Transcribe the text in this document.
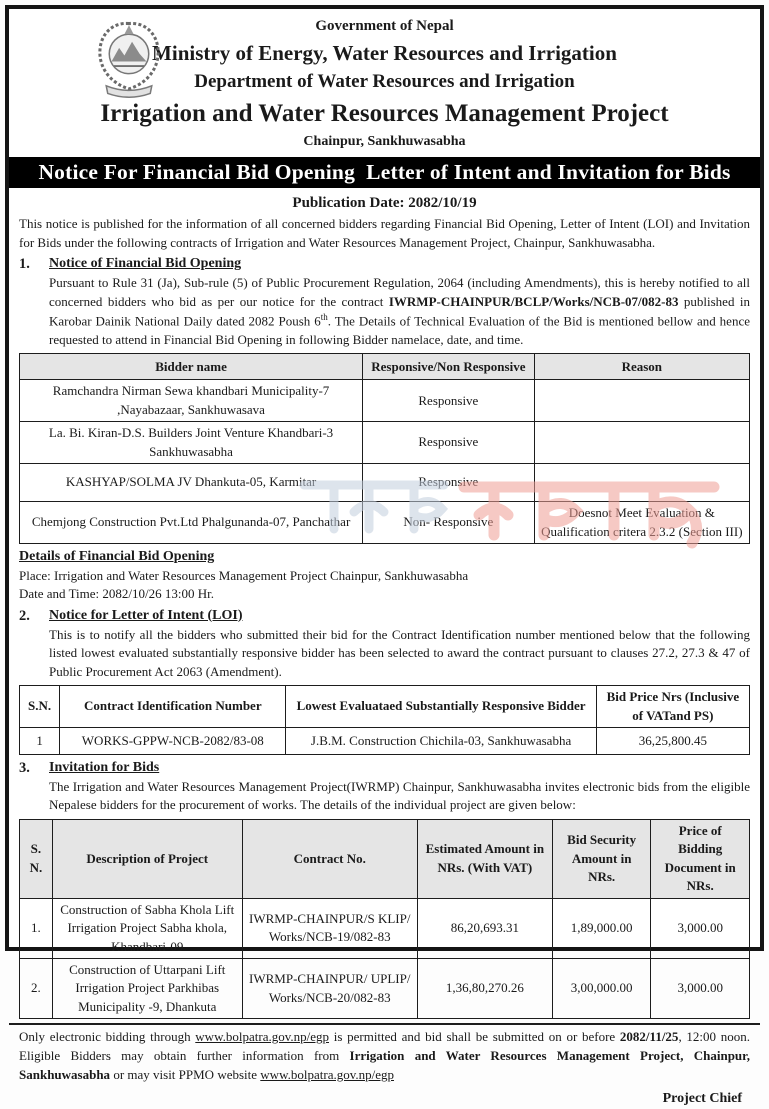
Government of Nepal
Ministry of Energy, Water Resources and Irrigation
Department of Water Resources and Irrigation
Irrigation and Water Resources Management Project
Chainpur, Sankhuwasabha
Notice For Financial Bid Opening  Letter of Intent and Invitation for Bids
Publication Date: 2082/10/19

This notice is published for the information of all concerned bidders regarding Financial Bid Opening, Letter of Intent (LOI) and Invitation for Bids under the following contracts of Irrigation and Water Resources Management Project, Chainpur, Sankhuwasabha.

1.	Notice of Financial Bid Opening

Pursuant to Rule 31 (Ja), Sub-rule (5) of Public Procurement Regulation, 2064 (including Amendments), this is hereby notified to all concerned bidders who bid as per our notice for the contract IWRMP-CHAINPUR/BCLP/Works/NCB-07/082-83 published in Karobar Dainik National Daily dated 2082 Poush 6th. The Details of Technical Evaluation of the Bid is mentioned bellow and hence requested to attend in Financial Bid Opening in following Bidder namelace, date, and time.

Bidder name	Responsive/Non Responsive	Reason
Ramchandra Nirman Sewa khandbari Municipality-7 ,Nayabazaar, Sankhuwasava	Responsive	
La. Bi. Kiran-D.S. Builders Joint Venture Khandbari-3 Sankhuwasabha	Responsive	
KASHYAP/SOLMA JV Dhankuta-05, Karmitar	Responsive	
Chemjong Construction Pvt.Ltd Phalgunanda-07, Panchathar	Non- Responsive	Doesnot Meet Evaluation & Qualification critera 2.3.2 (Section III)
Details of Financial Bid Opening
Place: Irrigation and Water Resources Management Project Chainpur, Sankhuwasabha
Date and Time: 2082/10/26 13:00 Hr.
2.	Notice for Letter of Intent (LOI)

This is to notify all the bidders who submitted their bid for the Contract Identification number mentioned below that the following listed lowest evaluated substantially responsive bidder has been selected to award the contract pursuant to clauses 27.2, 27.3 & 47 of Public Procurement Act 2063 (Amendment).

S.N.	Contract Identification Number	Lowest Evaluataed Substantially Responsive Bidder	Bid Price Nrs (Inclusive of VATand PS)
1	WORKS-GPPW-NCB-2082/83-08	J.B.M. Construction Chichila-03, Sankhuwasabha	36,25,800.45
3.	Invitation for Bids

The Irrigation and Water Resources Management Project(IWRMP) Chainpur, Sankhuwasabha invites electronic bids from the eligible Nepalese bidders for the procurement of works. The details of the individual project are given below:

S. N.	Description of Project	Contract No.	Estimated Amount in NRs. (With VAT)	Bid Security Amount in NRs.	Price of Bidding Document in NRs.
1.	Construction of Sabha Khola Lift Irrigation Project Sabha khola, Khandbari-09	IWRMP-CHAINPUR/S KLIP/ Works/NCB-19/082-83	86,20,693.31	1,89,000.00	3,000.00
2.	Construction of Uttarpani Lift Irrigation Project Parkhibas Municipality -9, Dhankuta	IWRMP-CHAINPUR/ UPLIP/ Works/NCB-20/082-83	1,36,80,270.26	3,00,000.00	3,000.00

Only electronic bidding through www.bolpatra.gov.np/egp is permitted and bid shall be submitted on or before 2082/11/25, 12:00 noon. Eligible Bidders may obtain further information from Irrigation and Water Resources Management Project, Chainpur, Sankhuwasabha or may visit PPMO website www.bolpatra.gov.np/egp

Project Chief
